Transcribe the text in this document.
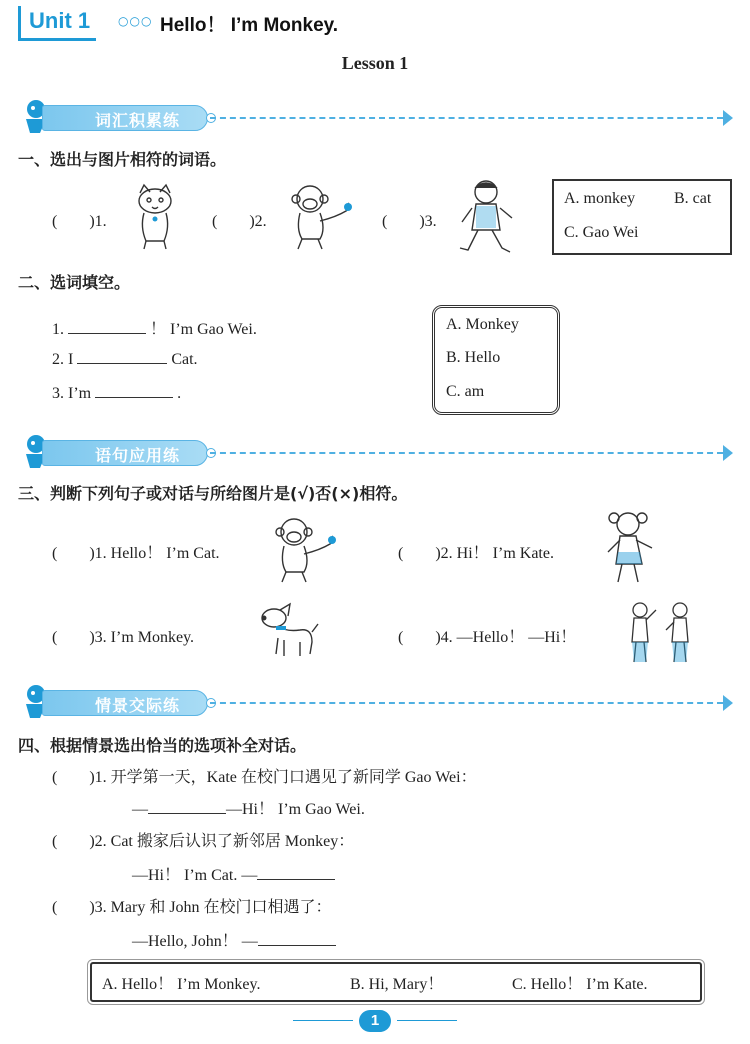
Unit 1	○○○ Hello！ I’m Monkey.
Lesson 1
词汇积累练
一、选出与图片相符的词语。
(　　)1.	(　　)2.	(　　)3.
A. monkey B. cat
C. Gao Wei
二、选词填空。
1.	！ I’m Gao Wei.
2. I	Cat.
3. I’m	.
A. Monkey
B. Hello
C. am
语句应用练
三、判断下列句子或对话与所给图片是(√)否(×)相符。
(　　)1. Hello！ I’m Cat.	(　　)2. Hi！ I’m Kate.
(　　)3. I’m Monkey.	(　　)4. —Hello！ —Hi！
情景交际练
四、根据情景选出恰当的选项补全对话。
(　　)1. 开学第一天，Kate 在校门口遇见了新同学 Gao Wei：
—	—Hi！ I’m Gao Wei.
(　　)2. Cat 搬家后认识了新邻居 Monkey：
—Hi！ I’m Cat. —
(　　)3. Mary 和 John 在校门口相遇了：
—Hello, John！ —
A. Hello！ I’m Monkey.	B. Hi, Mary！	C. Hello！ I’m Kate.
1
